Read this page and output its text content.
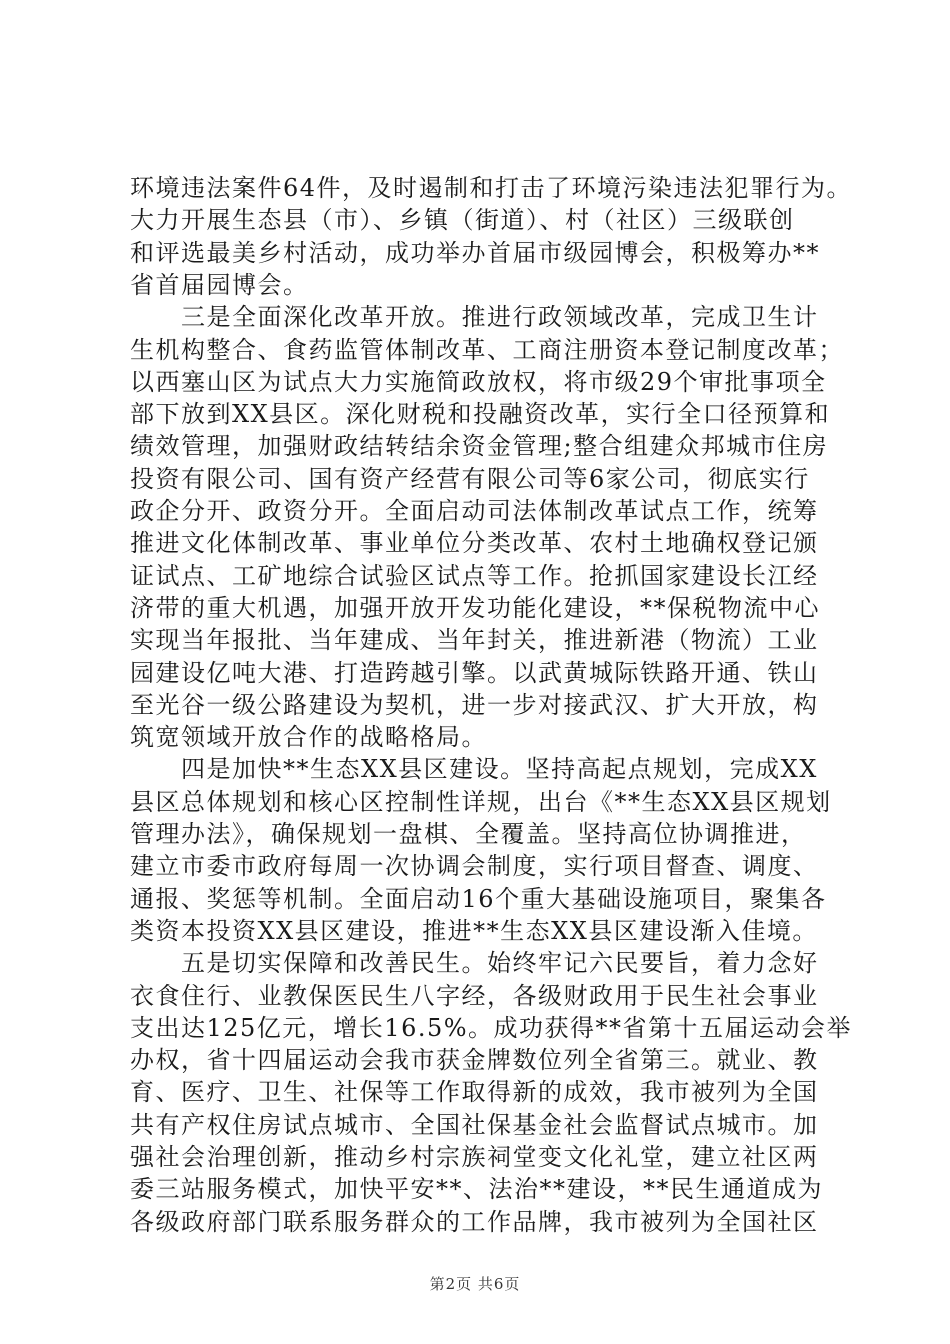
环境违法案件64件，及时遏制和打击了环境污染违法犯罪行为。
大力开展生态县（市）、乡镇（街道）、村（社区）三级联创
和评选最美乡村活动，成功举办首届市级园博会，积极筹办**
省首届园博会。
　　三是全面深化改革开放。推进行政领域改革，完成卫生计
生机构整合、食药监管体制改革、工商注册资本登记制度改革；
以西塞山区为试点大力实施简政放权，将市级29个审批事项全
部下放到XX县区。深化财税和投融资改革，实行全口径预算和
绩效管理，加强财政结转结余资金管理;整合组建众邦城市住房
投资有限公司、国有资产经营有限公司等6家公司，彻底实行
政企分开、政资分开。全面启动司法体制改革试点工作，统筹
推进文化体制改革、事业单位分类改革、农村土地确权登记颁
证试点、工矿地综合试验区试点等工作。抢抓国家建设长江经
济带的重大机遇，加强开放开发功能化建设，**保税物流中心
实现当年报批、当年建成、当年封关，推进新港（物流）工业
园建设亿吨大港、打造跨越引擎。以武黄城际铁路开通、铁山
至光谷一级公路建设为契机，进一步对接武汉、扩大开放，构
筑宽领域开放合作的战略格局。
　　四是加快**生态XX县区建设。坚持高起点规划，完成XX
县区总体规划和核心区控制性详规，出台《**生态XX县区规划
管理办法》，确保规划一盘棋、全覆盖。坚持高位协调推进，
建立市委市政府每周一次协调会制度，实行项目督查、调度、
通报、奖惩等机制。全面启动16个重大基础设施项目，聚集各
类资本投资XX县区建设，推进**生态XX县区建设渐入佳境。
　　五是切实保障和改善民生。始终牢记六民要旨，着力念好
衣食住行、业教保医民生八字经，各级财政用于民生社会事业
支出达125亿元，增长16.5%。成功获得**省第十五届运动会举
办权，省十四届运动会我市获金牌数位列全省第三。就业、教
育、医疗、卫生、社保等工作取得新的成效，我市被列为全国
共有产权住房试点城市、全国社保基金社会监督试点城市。加
强社会治理创新，推动乡村宗族祠堂变文化礼堂，建立社区两
委三站服务模式，加快平安**、法治**建设，**民生通道成为
各级政府部门联系服务群众的工作品牌，我市被列为全国社区
第2页 共6页
